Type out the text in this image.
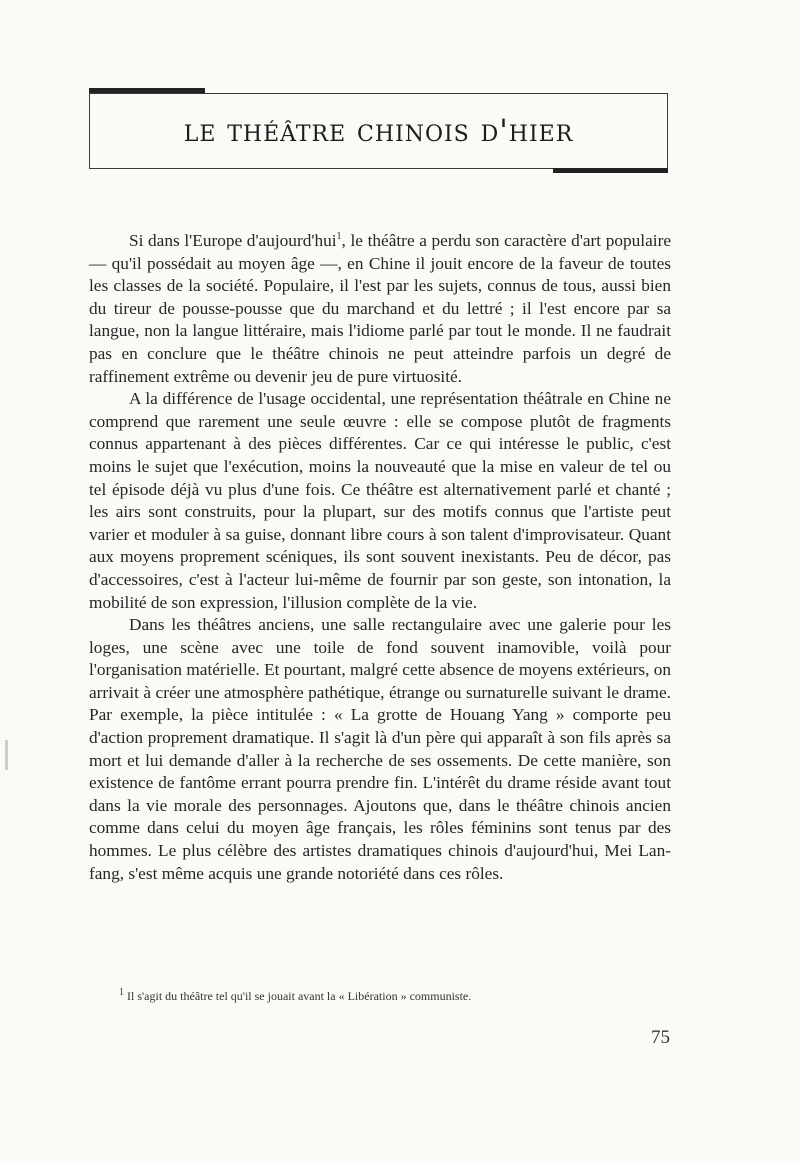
le théâtre chinois d'hier

Si dans l'Europe d'aujourd'hui$^1$, le théâtre a perdu son caractère d'art populaire — qu'il possédait au moyen âge —, en Chine il jouit encore de la faveur de toutes les classes de la société. Populaire, il l'est par les sujets, connus de tous, aussi bien du tireur de pousse-pousse que du marchand et du lettré ; il l'est encore par sa langue, non la langue littéraire, mais l'idiome parlé par tout le monde. Il ne faudrait pas en conclure que le théâtre chinois ne peut atteindre parfois un degré de raffinement extrême ou devenir jeu de pure virtuosité.

A la différence de l'usage occidental, une représentation théâtrale en Chine ne comprend que rarement une seule œuvre : elle se compose plutôt de fragments connus appartenant à des pièces différentes. Car ce qui intéresse le public, c'est moins le sujet que l'exécution, moins la nouveauté que la mise en valeur de tel ou tel épisode déjà vu plus d'une fois. Ce théâtre est alternativement parlé et chanté ; les airs sont construits, pour la plupart, sur des motifs connus que l'artiste peut varier et moduler à sa guise, donnant libre cours à son talent d'improvisateur. Quant aux moyens proprement scéniques, ils sont souvent inexistants. Peu de décor, pas d'accessoires, c'est à l'acteur lui-même de fournir par son geste, son intonation, la mobilité de son expression, l'illusion complète de la vie.

Dans les théâtres anciens, une salle rectangulaire avec une galerie pour les loges, une scène avec une toile de fond souvent inamovible, voilà pour l'organisation matérielle. Et pourtant, malgré cette absence de moyens extérieurs, on arrivait à créer une atmosphère pathétique, étrange ou surnaturelle suivant le drame. Par exemple, la pièce intitulée : « La grotte de Houang Yang » comporte peu d'action proprement dramatique. Il s'agit là d'un père qui apparaît à son fils après sa mort et lui demande d'aller à la recherche de ses ossements. De cette manière, son existence de fantôme errant pourra prendre fin. L'intérêt du drame réside avant tout dans la vie morale des personnages. Ajoutons que, dans le théâtre chinois ancien comme dans celui du moyen âge français, les rôles féminins sont tenus par des hommes. Le plus célèbre des artistes dramatiques chinois d'aujourd'hui, Mei Lan-fang, s'est même acquis une grande notoriété dans ces rôles.

$^1$ Il s'agit du théâtre tel qu'il se jouait avant la « Libération » communiste.
75
